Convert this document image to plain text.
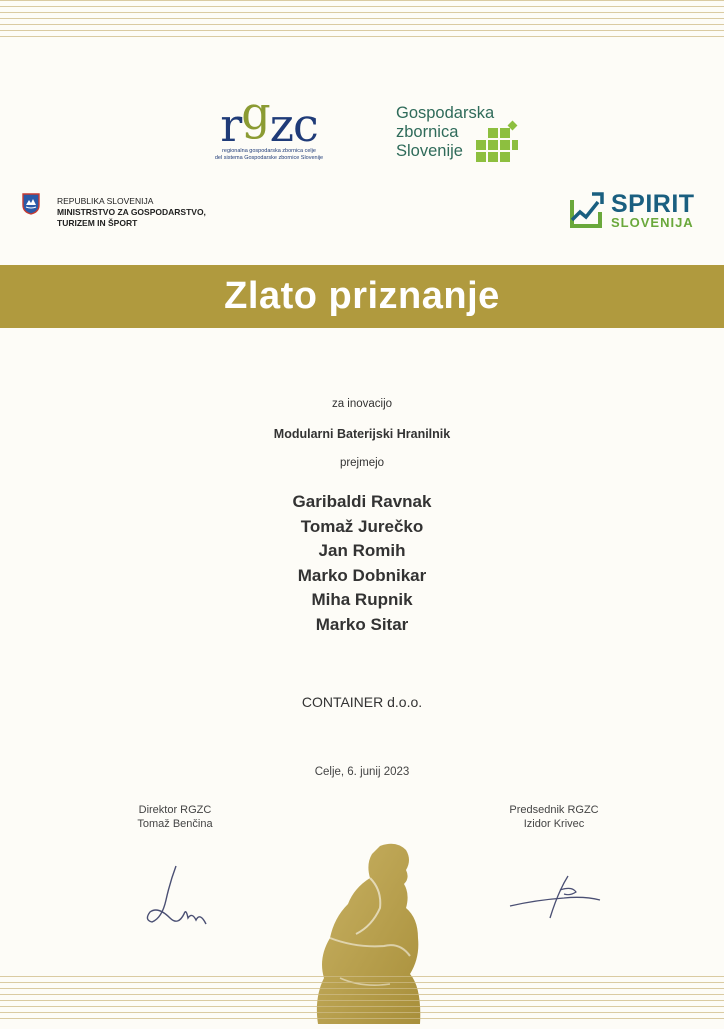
rgzc
regionalna gospodarska zbornica celje
del sistema Gospodarske zbornice Slovenije
Gospodarska
zbornica
Slovenije
REPUBLIKA SLOVENIJA
MINISTRSTVO ZA GOSPODARSTVO,
TURIZEM IN ŠPORT
SPIRIT
SLOVENIJA
Zlato priznanje
za inovacijo
Modularni Baterijski Hranilnik
prejmejo
Garibaldi Ravnak
Tomaž Jurečko
Jan Romih
Marko Dobnikar
Miha Rupnik
Marko Sitar
CONTAINER d.o.o.
Celje, 6. junij 2023
Direktor RGZC
Tomaž Benčina
Predsednik RGZC
Izidor Krivec
